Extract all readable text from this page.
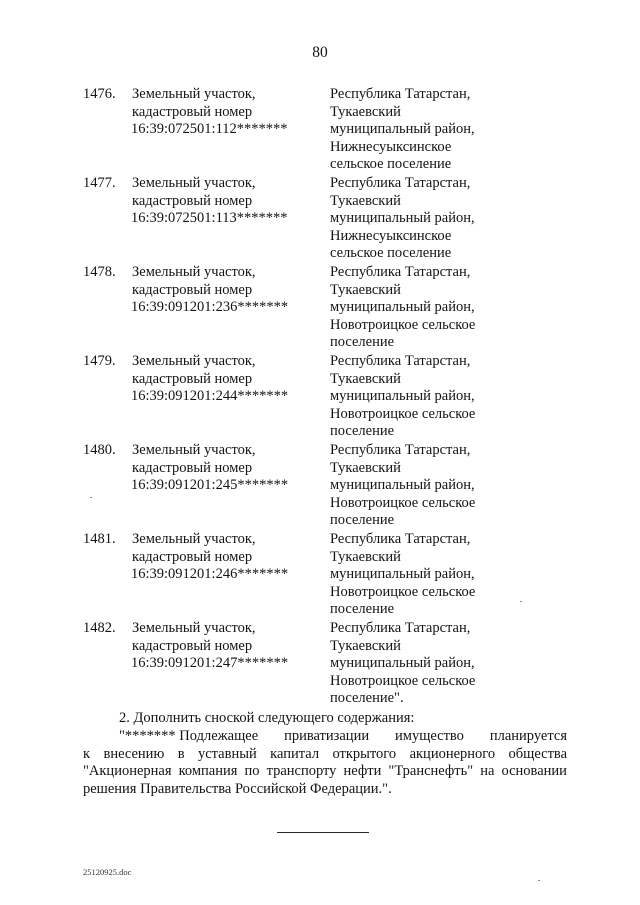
80
1476. Земельный участок,
кадастровый номер
16:39:072501:112*******
Республика Татарстан,
Тукаевский
муниципальный район,
Нижнесуыксинское
сельское поселение
1477. Земельный участок,
кадастровый номер
16:39:072501:113*******
Республика Татарстан,
Тукаевский
муниципальный район,
Нижнесуыксинское
сельское поселение
1478. Земельный участок,
кадастровый номер
16:39:091201:236*******
Республика Татарстан,
Тукаевский
муниципальный район,
Новотроицкое сельское
поселение
1479. Земельный участок,
кадастровый номер
16:39:091201:244*******
Республика Татарстан,
Тукаевский
муниципальный район,
Новотроицкое сельское
поселение
1480. Земельный участок,
кадастровый номер
16:39:091201:245*******
Республика Татарстан,
Тукаевский
муниципальный район,
Новотроицкое сельское
поселение
1481. Земельный участок,
кадастровый номер
16:39:091201:246*******
Республика Татарстан,
Тукаевский
муниципальный район,
Новотроицкое сельское
поселение
1482. Земельный участок,
кадастровый номер
16:39:091201:247*******
Республика Татарстан,
Тукаевский
муниципальный район,
Новотроицкое сельское
поселение".
2. Дополнить сноской следующего содержания:
"******* Подлежащее приватизации имущество планируется
к внесению в уставный капитал открытого акционерного общества
"Акционерная компания по транспорту нефти "Транснефть" на основании
решения Правительства Российской Федерации.".
25120925.doc
